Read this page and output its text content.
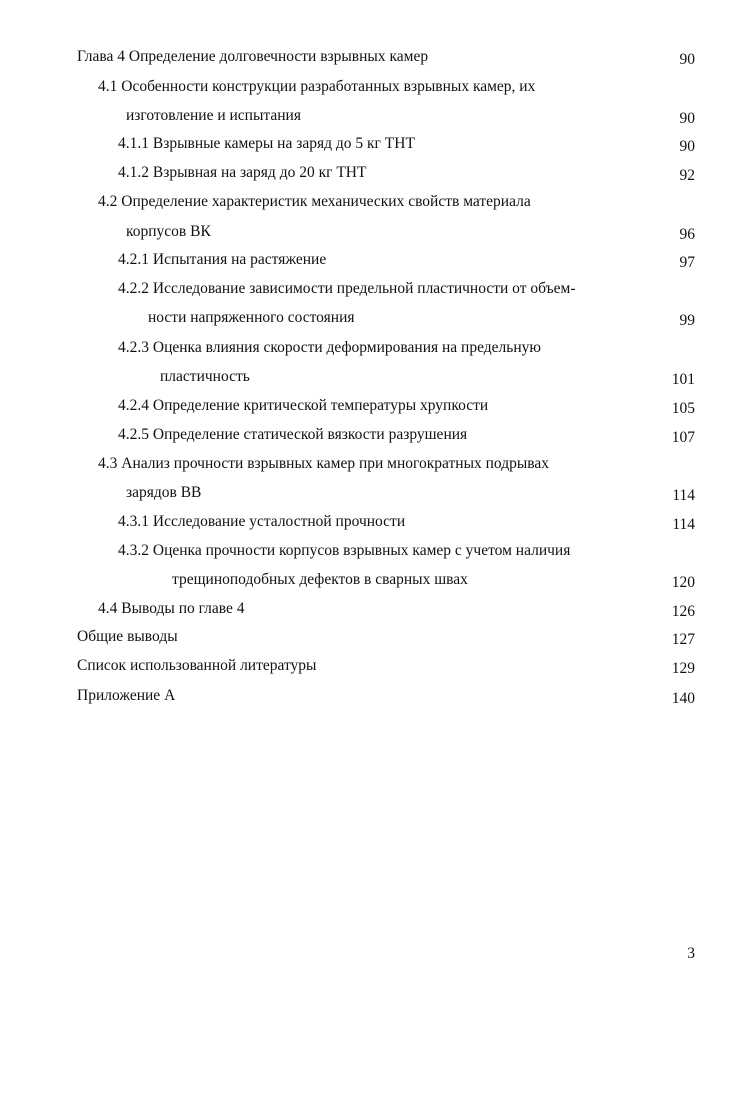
Глава 4 Определение долговечности взрывных камер	90
4.1 Особенности конструкции разработанных взрывных камер, их
изготовление и испытания	90
4.1.1 Взрывные камеры на заряд до 5 кг ТНТ	90
4.1.2 Взрывная на заряд до 20 кг ТНТ	92
4.2 Определение характеристик механических свойств материала
корпусов ВК	96
4.2.1 Испытания на растяжение	97
4.2.2 Исследование зависимости предельной пластичности от объем-
ности напряженного состояния	99
4.2.3 Оценка влияния скорости деформирования на предельную
пластичность	101
4.2.4 Определение критической температуры хрупкости	105
4.2.5 Определение статической вязкости разрушения	107
4.3 Анализ прочности взрывных камер при многократных подрывах
зарядов ВВ	114
4.3.1 Исследование усталостной прочности	114
4.3.2 Оценка прочности корпусов взрывных камер с учетом наличия
трещиноподобных дефектов в сварных швах	120
4.4 Выводы по главе 4	126
Общие выводы	127
Список использованной литературы	129
Приложение А	140
3
